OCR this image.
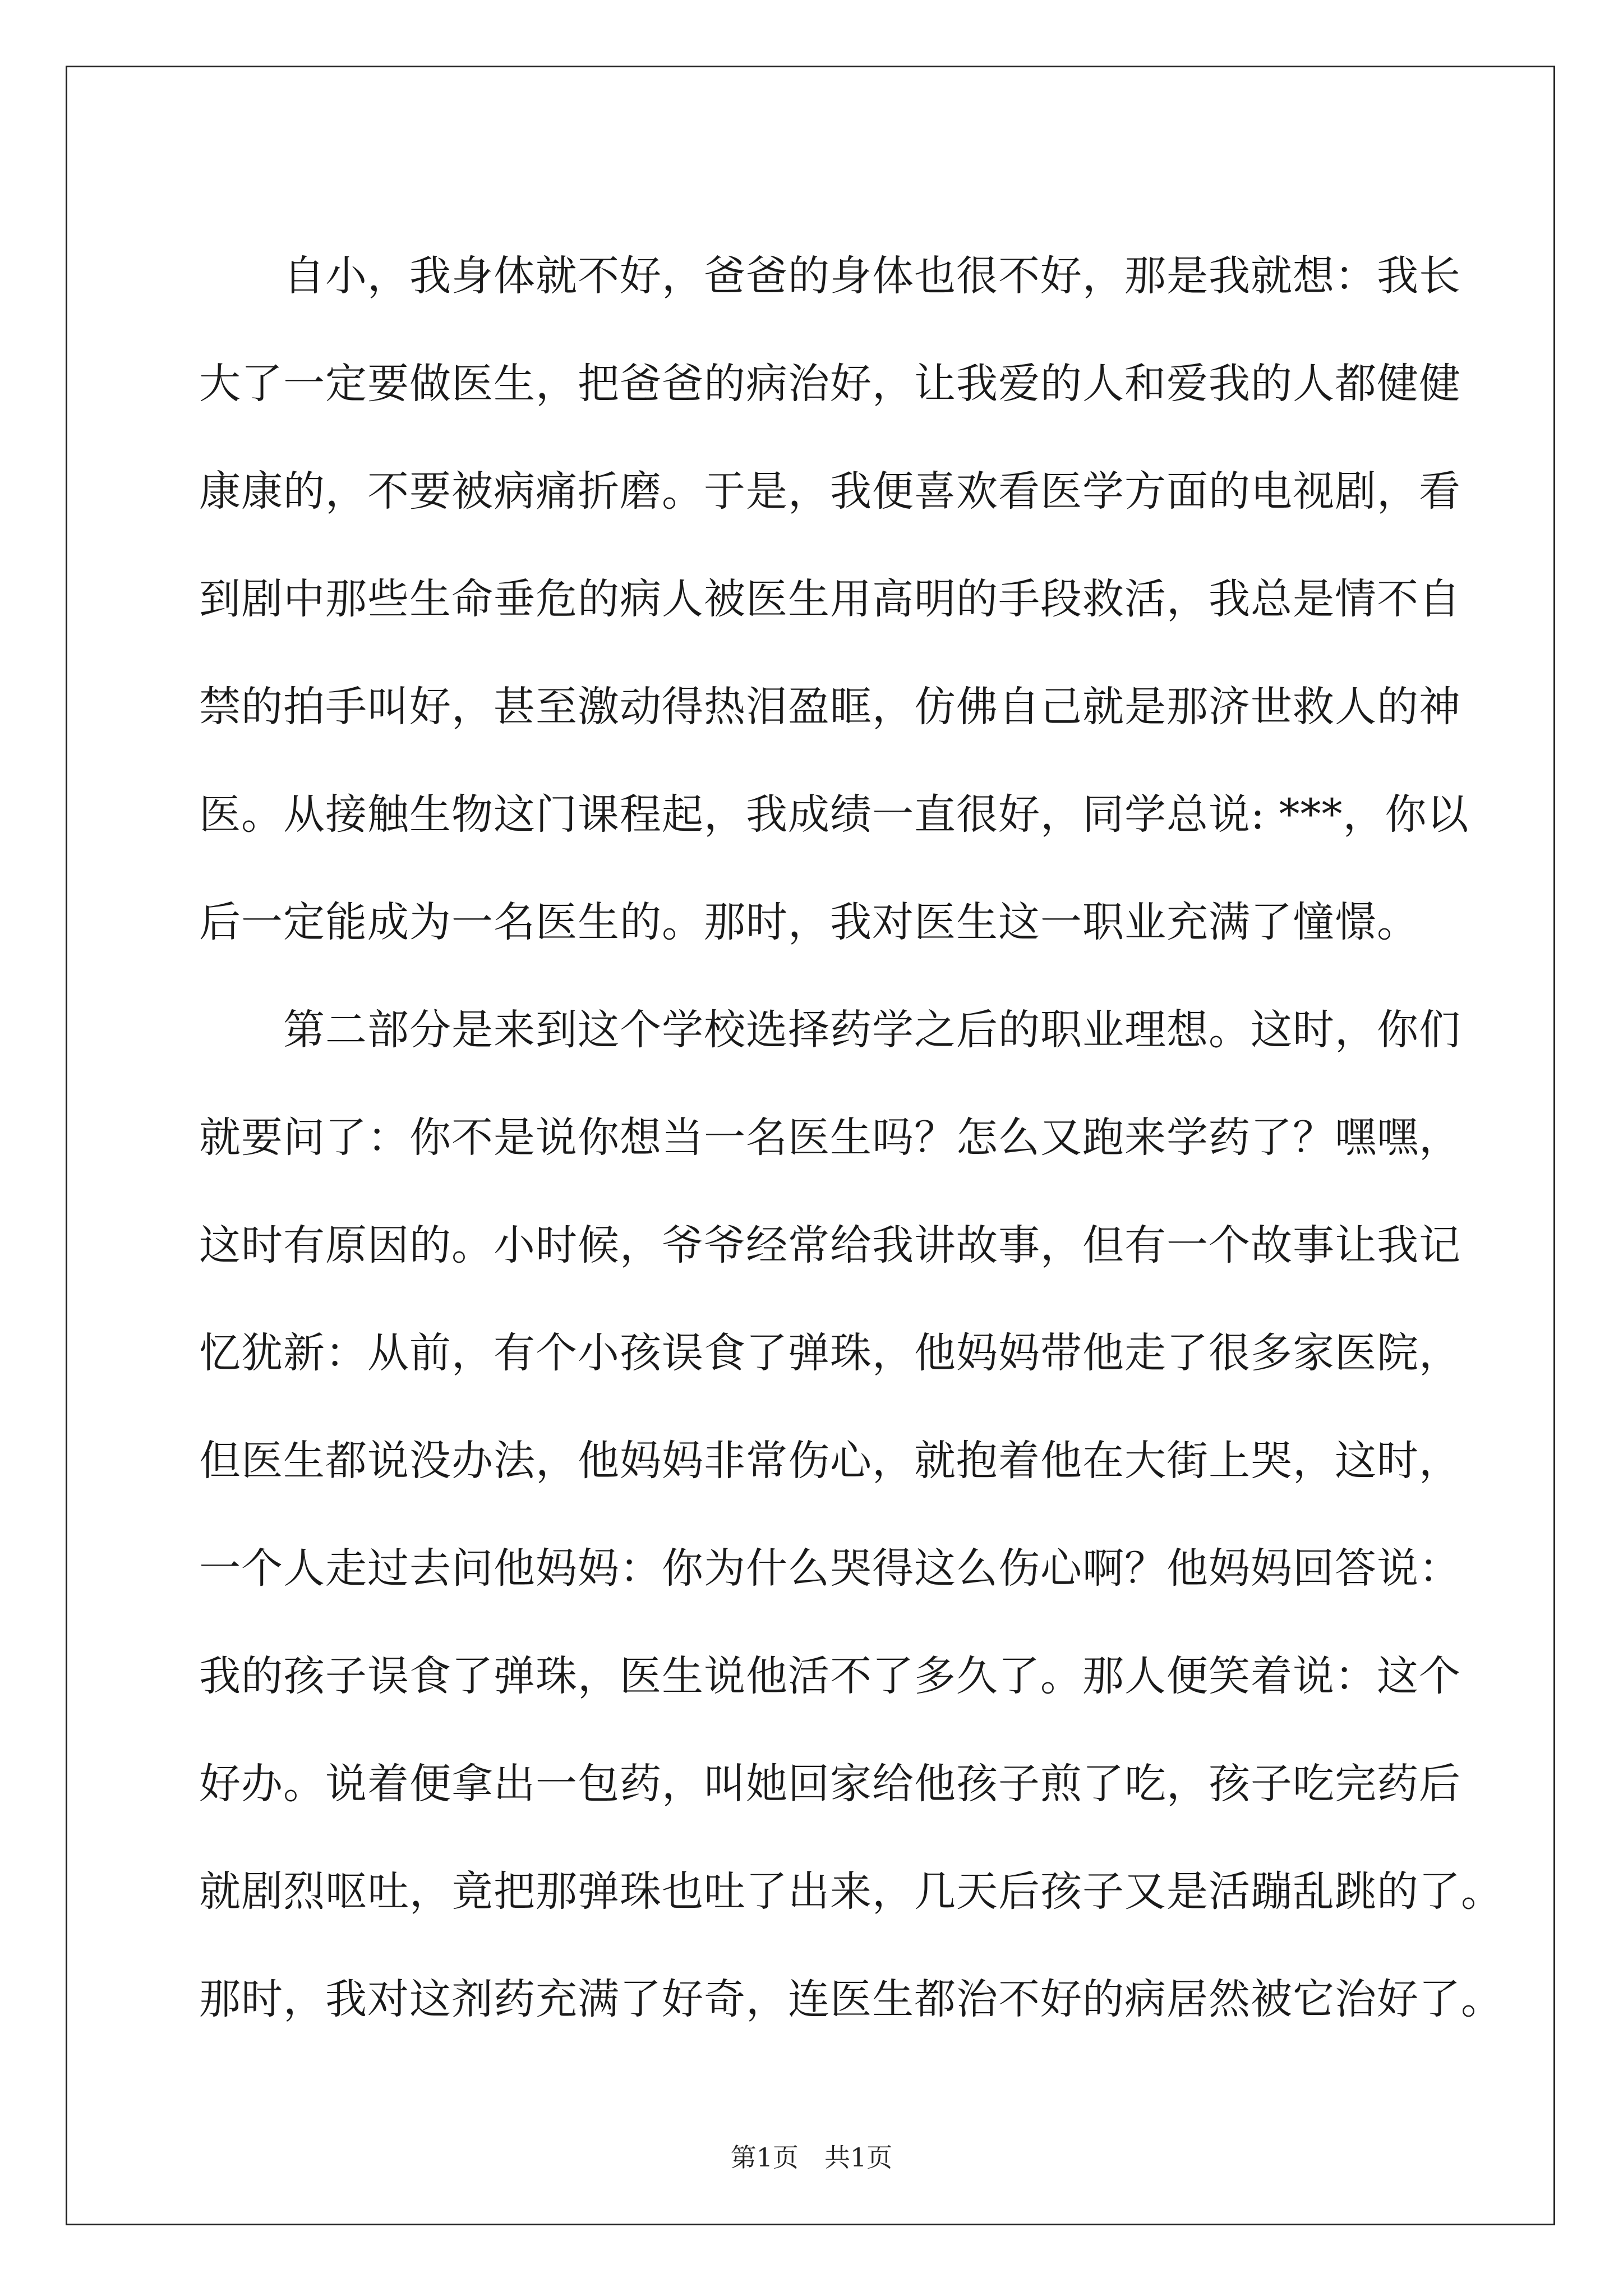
　　自小，我身体就不好，爸爸的身体也很不好，那是我就想：我长
大了一定要做医生，把爸爸的病治好，让我爱的人和爱我的人都健健
康康的，不要被病痛折磨。于是，我便喜欢看医学方面的电视剧，看
到剧中那些生命垂危的病人被医生用高明的手段救活，我总是情不自
禁的拍手叫好，甚至激动得热泪盈眶，仿佛自己就是那济世救人的神
医。从接触生物这门课程起，我成绩一直很好，同学总说: ***，你以
后一定能成为一名医生的。那时，我对医生这一职业充满了憧憬。
　　第二部分是来到这个学校选择药学之后的职业理想。这时，你们
就要问了：你不是说你想当一名医生吗？怎么又跑来学药了？嘿嘿，
这时有原因的。小时候，爷爷经常给我讲故事，但有一个故事让我记
忆犹新：从前，有个小孩误食了弹珠，他妈妈带他走了很多家医院，
但医生都说没办法，他妈妈非常伤心，就抱着他在大街上哭，这时，
一个人走过去问他妈妈：你为什么哭得这么伤心啊？他妈妈回答说：
我的孩子误食了弹珠，医生说他活不了多久了。那人便笑着说：这个
好办。说着便拿出一包药，叫她回家给他孩子煎了吃，孩子吃完药后
就剧烈呕吐，竟把那弹珠也吐了出来，几天后孩子又是活蹦乱跳的了。
那时，我对这剂药充满了好奇，连医生都治不好的病居然被它治好了。
第1页 共1页
